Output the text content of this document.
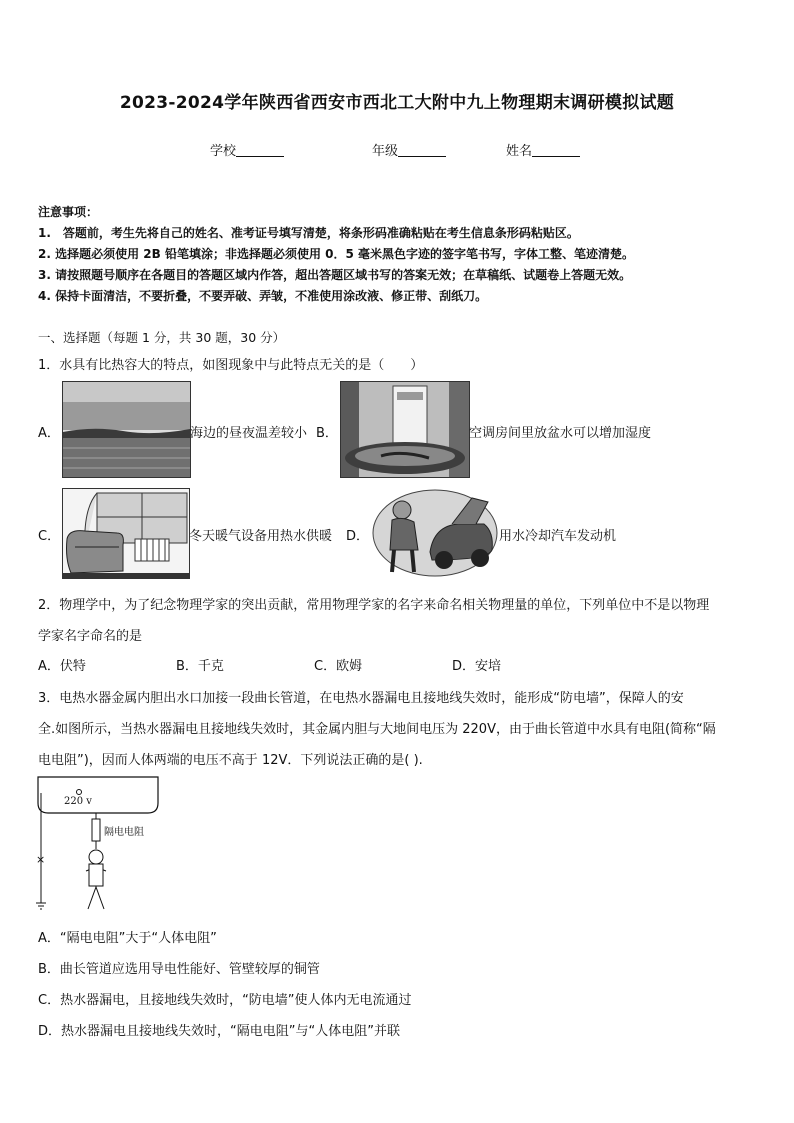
2023-2024学年陕西省西安市西北工大附中九上物理期末调研模拟试题
学校	年级	姓名
注意事项：
1.　答题前，考生先将自己的姓名、准考证号填写清楚，将条形码准确粘贴在考生信息条形码粘贴区。
2. 选择题必须使用 2B 铅笔填涂；非选择题必须使用 0．5 毫米黑色字迹的签字笔书写，字体工整、笔迹清楚。
3. 请按照题号顺序在各题目的答题区域内作答，超出答题区域书写的答案无效；在草稿纸、试题卷上答题无效。
4. 保持卡面清洁，不要折叠，不要弄破、弄皱，不准使用涂改液、修正带、刮纸刀。
一、选择题（每题 1 分，共 30 题，30 分）
1．水具有比热容大的特点，如图现象中与此特点无关的是（　　）
A．	海边的昼夜温差较小 B．	空调房间里放盆水可以增加湿度
C．	冬天暖气设备用热水供暖 D．	用水冷却汽车发动机
2．物理学中，为了纪念物理学家的突出贡献，常用物理学家的名字来命名相关物理量的单位，下列单位中不是以物理
学家名字命名的是
A．伏特	B．千克	C．欧姆	D．安培
3．电热水器金属内胆出水口加接一段曲长管道，在电热水器漏电且接地线失效时，能形成“防电墙”，保障人的安
全.如图所示，当热水器漏电且接地线失效时，其金属内胆与大地间电压为 220V，由于曲长管道中水具有电阻(简称“隔
电电阻”)，因而人体两端的电压不高于 12V．下列说法正确的是( ).
220 v
隔电电阻
×
A．“隔电电阻”大于“人体电阻”
B．曲长管道应选用导电性能好、管壁较厚的铜管
C．热水器漏电，且接地线失效时，“防电墙”使人体内无电流通过
D．热水器漏电且接地线失效时，“隔电电阻”与“人体电阻”并联
